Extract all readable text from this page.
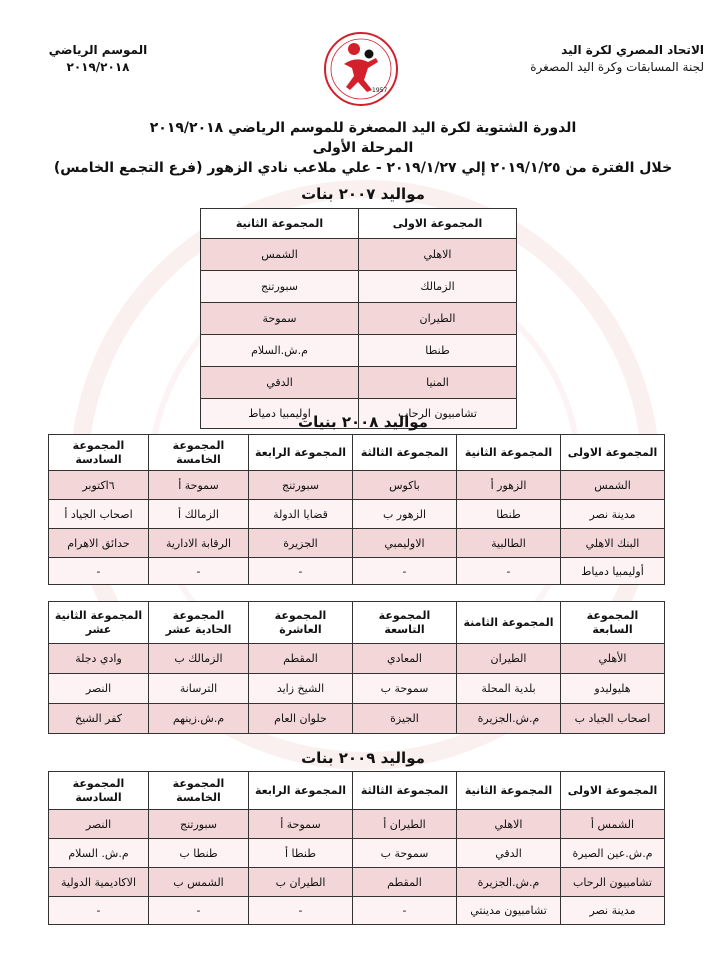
الاتحاد المصري لكرة اليد
لجنة المسابقات وكرة اليد المصغرة
الموسم الرياضي
٢٠١٩/٢٠١٨
1957
الدورة الشتوية لكرة اليد المصغرة للموسم الرياضي ٢٠١٩/٢٠١٨
المرحلة الأولى
خلال الفترة من ٢٠١٩/١/٢٥ إلي ٢٠١٩/١/٢٧ - علي ملاعب نادي الزهور (فرع التجمع الخامس)
مواليد ٢٠٠٧ بنات
المجموعة الاولى	المجموعة الثانية
الاهلي	الشمس
الزمالك	سبورتنج
الطيران	سموحة
طنطا	م.ش.السلام
المنيا	الدقي
تشامبيون الرحاب	اوليمبيا دمياط
مواليد ٢٠٠٨ بنيات
المجموعة الاولى	المجموعة الثانية	المجموعة الثالثة	المجموعة الرابعة	المجموعة الخامسة	المجموعة السادسة
الشمس	الزهور أ	باكوس	سبورتنج	سموحة أ	٦اكتوبر
مدينة نصر	طنطا	الزهور ب	قضايا الدولة	الزمالك أ	اصحاب الجياد أ
البنك الاهلي	الطالبية	الاوليمبي	الجزيرة	الرقابة الادارية	حدائق الاهرام
أوليمبيا دمياط	-	-	-	-	-
المجموعة السابعة	المجموعة الثامنة	المجموعة التاسعة	المجموعة العاشرة	المجموعة الحادية عشر	المجموعة الثانية عشر
الأهلي	الطيران	المعادي	المقطم	الزمالك ب	وادي دجلة
هليوليدو	بلدية المحلة	سموحة ب	الشيخ زايد	الترسانة	النصر
اصحاب الجياد ب	م.ش.الجزيرة	الجيزة	حلوان العام	م.ش.زينهم	كفر الشيخ
مواليد ٢٠٠٩ بنات
المجموعة الاولى	المجموعة الثانية	المجموعة الثالثة	المجموعة الرابعة	المجموعة الخامسة	المجموعة السادسة
الشمس أ	الاهلي	الطيران أ	سموحة أ	سبورتنج	النصر
م.ش.عين الصيرة	الدقي	سموحة ب	طنطا أ	طنطا ب	م.ش. السلام
تشامبيون الرحاب	م.ش.الجزيرة	المقطم	الطيران ب	الشمس ب	الاكاديمية الدولية
مدينة نصر	تشامبيون مدينتي	-	-	-	-
